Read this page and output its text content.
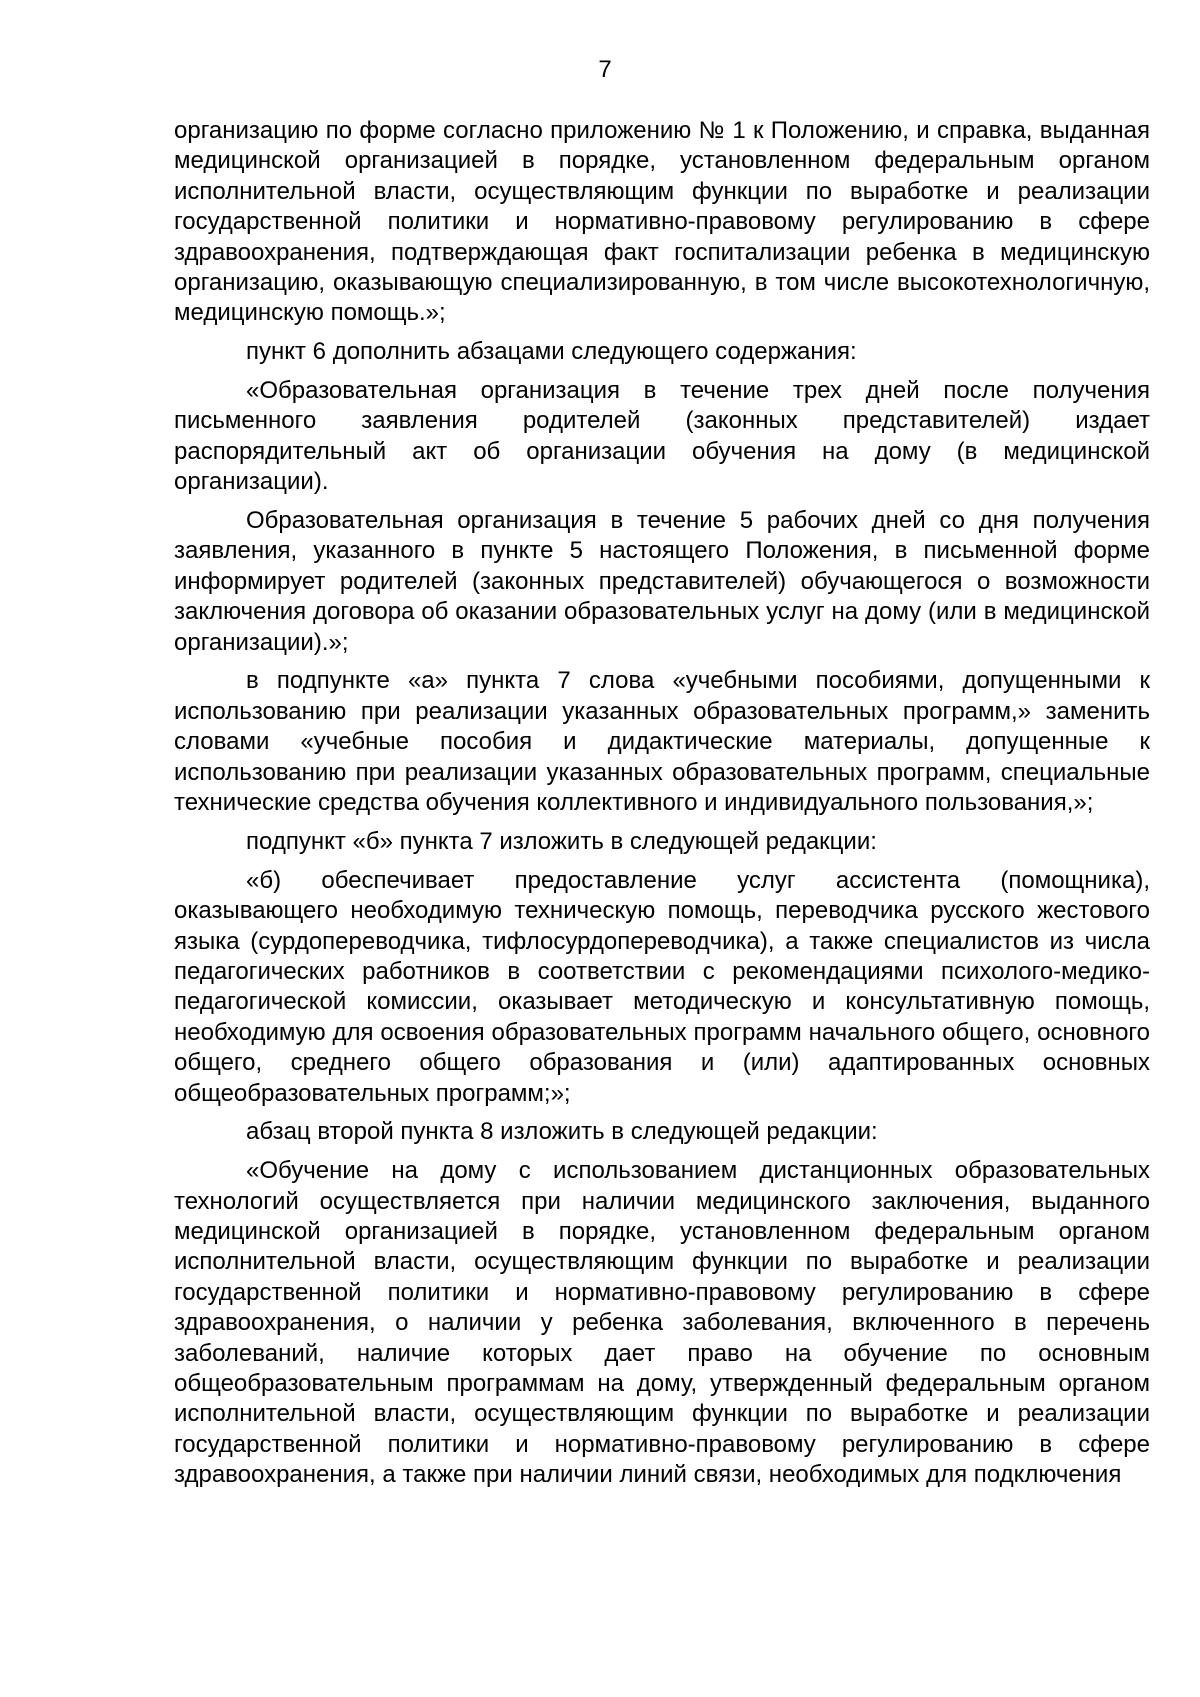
7

организацию по форме согласно приложению № 1 к Положению, и справка, выданная медицинской организацией в порядке, установленном федеральным органом исполнительной власти, осуществляющим функции по выработке и реализации государственной политики и нормативно-правовому регулированию в сфере здравоохранения, подтверждающая факт госпитализации ребенка в медицинскую организацию, оказывающую специализированную, в том числе высокотехнологичную, медицинскую помощь.»;

пункт 6 дополнить абзацами следующего содержания:

«Образовательная организация в течение трех дней после получения письменного заявления родителей (законных представителей) издает распорядительный акт об организации обучения на дому (в медицинской организации).

Образовательная организация в течение 5 рабочих дней со дня получения заявления, указанного в пункте 5 настоящего Положения, в письменной форме информирует родителей (законных представителей) обучающегося о возможности заключения договора об оказании образовательных услуг на дому (или в медицинской организации).»;

в подпункте «а» пункта 7 слова «учебными пособиями, допущенными к использованию при реализации указанных образовательных программ,» заменить словами «учебные пособия и дидактические материалы, допущенные к использованию при реализации указанных образовательных программ, специальные технические средства обучения коллективного и индивидуального пользования,»;

подпункт «б» пункта 7 изложить в следующей редакции:

«б) обеспечивает предоставление услуг ассистента (помощника), оказывающего необходимую техническую помощь, переводчика русского жестового языка (сурдопереводчика, тифлосурдопереводчика), а также специалистов из числа педагогических работников в соответствии с рекомендациями психолого-медико-педагогической комиссии, оказывает методическую и консультативную помощь, необходимую для освоения образовательных программ начального общего, основного общего, среднего общего образования и (или) адаптированных основных общеобразовательных программ;»;

абзац второй пункта 8 изложить в следующей редакции:

«Обучение на дому с использованием дистанционных образовательных технологий осуществляется при наличии медицинского заключения, выданного медицинской организацией в порядке, установленном федеральным органом исполнительной власти, осуществляющим функции по выработке и реализации государственной политики и нормативно-правовому регулированию в сфере здравоохранения, о наличии у ребенка заболевания, включенного в перечень заболеваний, наличие которых дает право на обучение по основным общеобразовательным программам на дому, утвержденный федеральным органом исполнительной власти, осуществляющим функции по выработке и реализации государственной политики и нормативно-правовому регулированию в сфере здравоохранения, а также при наличии линий связи, необходимых для подключения
